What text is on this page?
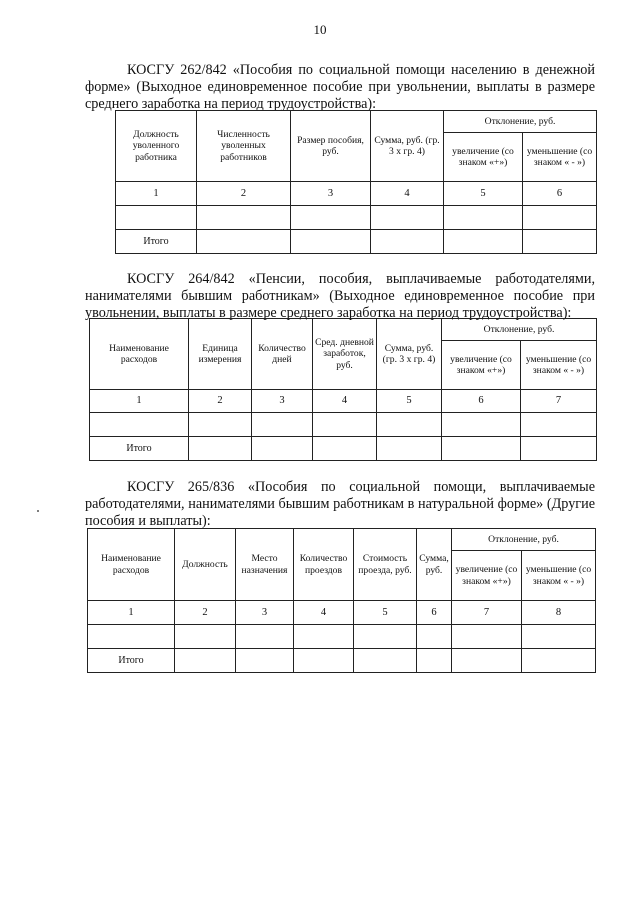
10
КОСГУ 262/842 «Пособия по социальной помощи населению в денежной форме» (Выходное единовременное пособие при увольнении, выплаты в размере среднего заработка на период трудоустройства):
Должность уволенного работника	Численность уволенных работников	Размер пособия, руб.	Сумма, руб. (гр. 3 х гр. 4)	Отклонение, руб.	
				увеличение (со знаком «+»)	уменьшение (со знаком « - »)
1	2	3	4	5	6

Итого					
КОСГУ 264/842 «Пенсии, пособия, выплачиваемые работодателями, нанимателями бывшим работникам» (Выходное единовременное пособие при увольнении, выплаты в размере среднего заработка на период трудоустройства):
Наименование расходов	Единица измерения	Количество дней	Сред. дневной заработок, руб.	Сумма, руб. (гр. 3 х гр. 4)	Отклонение, руб.	
					увеличение (со знаком «+»)	уменьшение (со знаком « - »)
1	2	3	4	5	6	7

Итого						
КОСГУ 265/836 «Пособия по социальной помощи, выплачиваемые работодателями, нанимателями бывшим работникам в натуральной форме» (Другие пособия и выплаты):
Наименование расходов	Должность	Место назначения	Количество проездов	Стоимость проезда, руб.	Сумма, руб.	Отклонение, руб.	
						увеличение (со знаком «+»)	уменьшение (со знаком « - »)
1	2	3	4	5	6	7	8

Итого							
